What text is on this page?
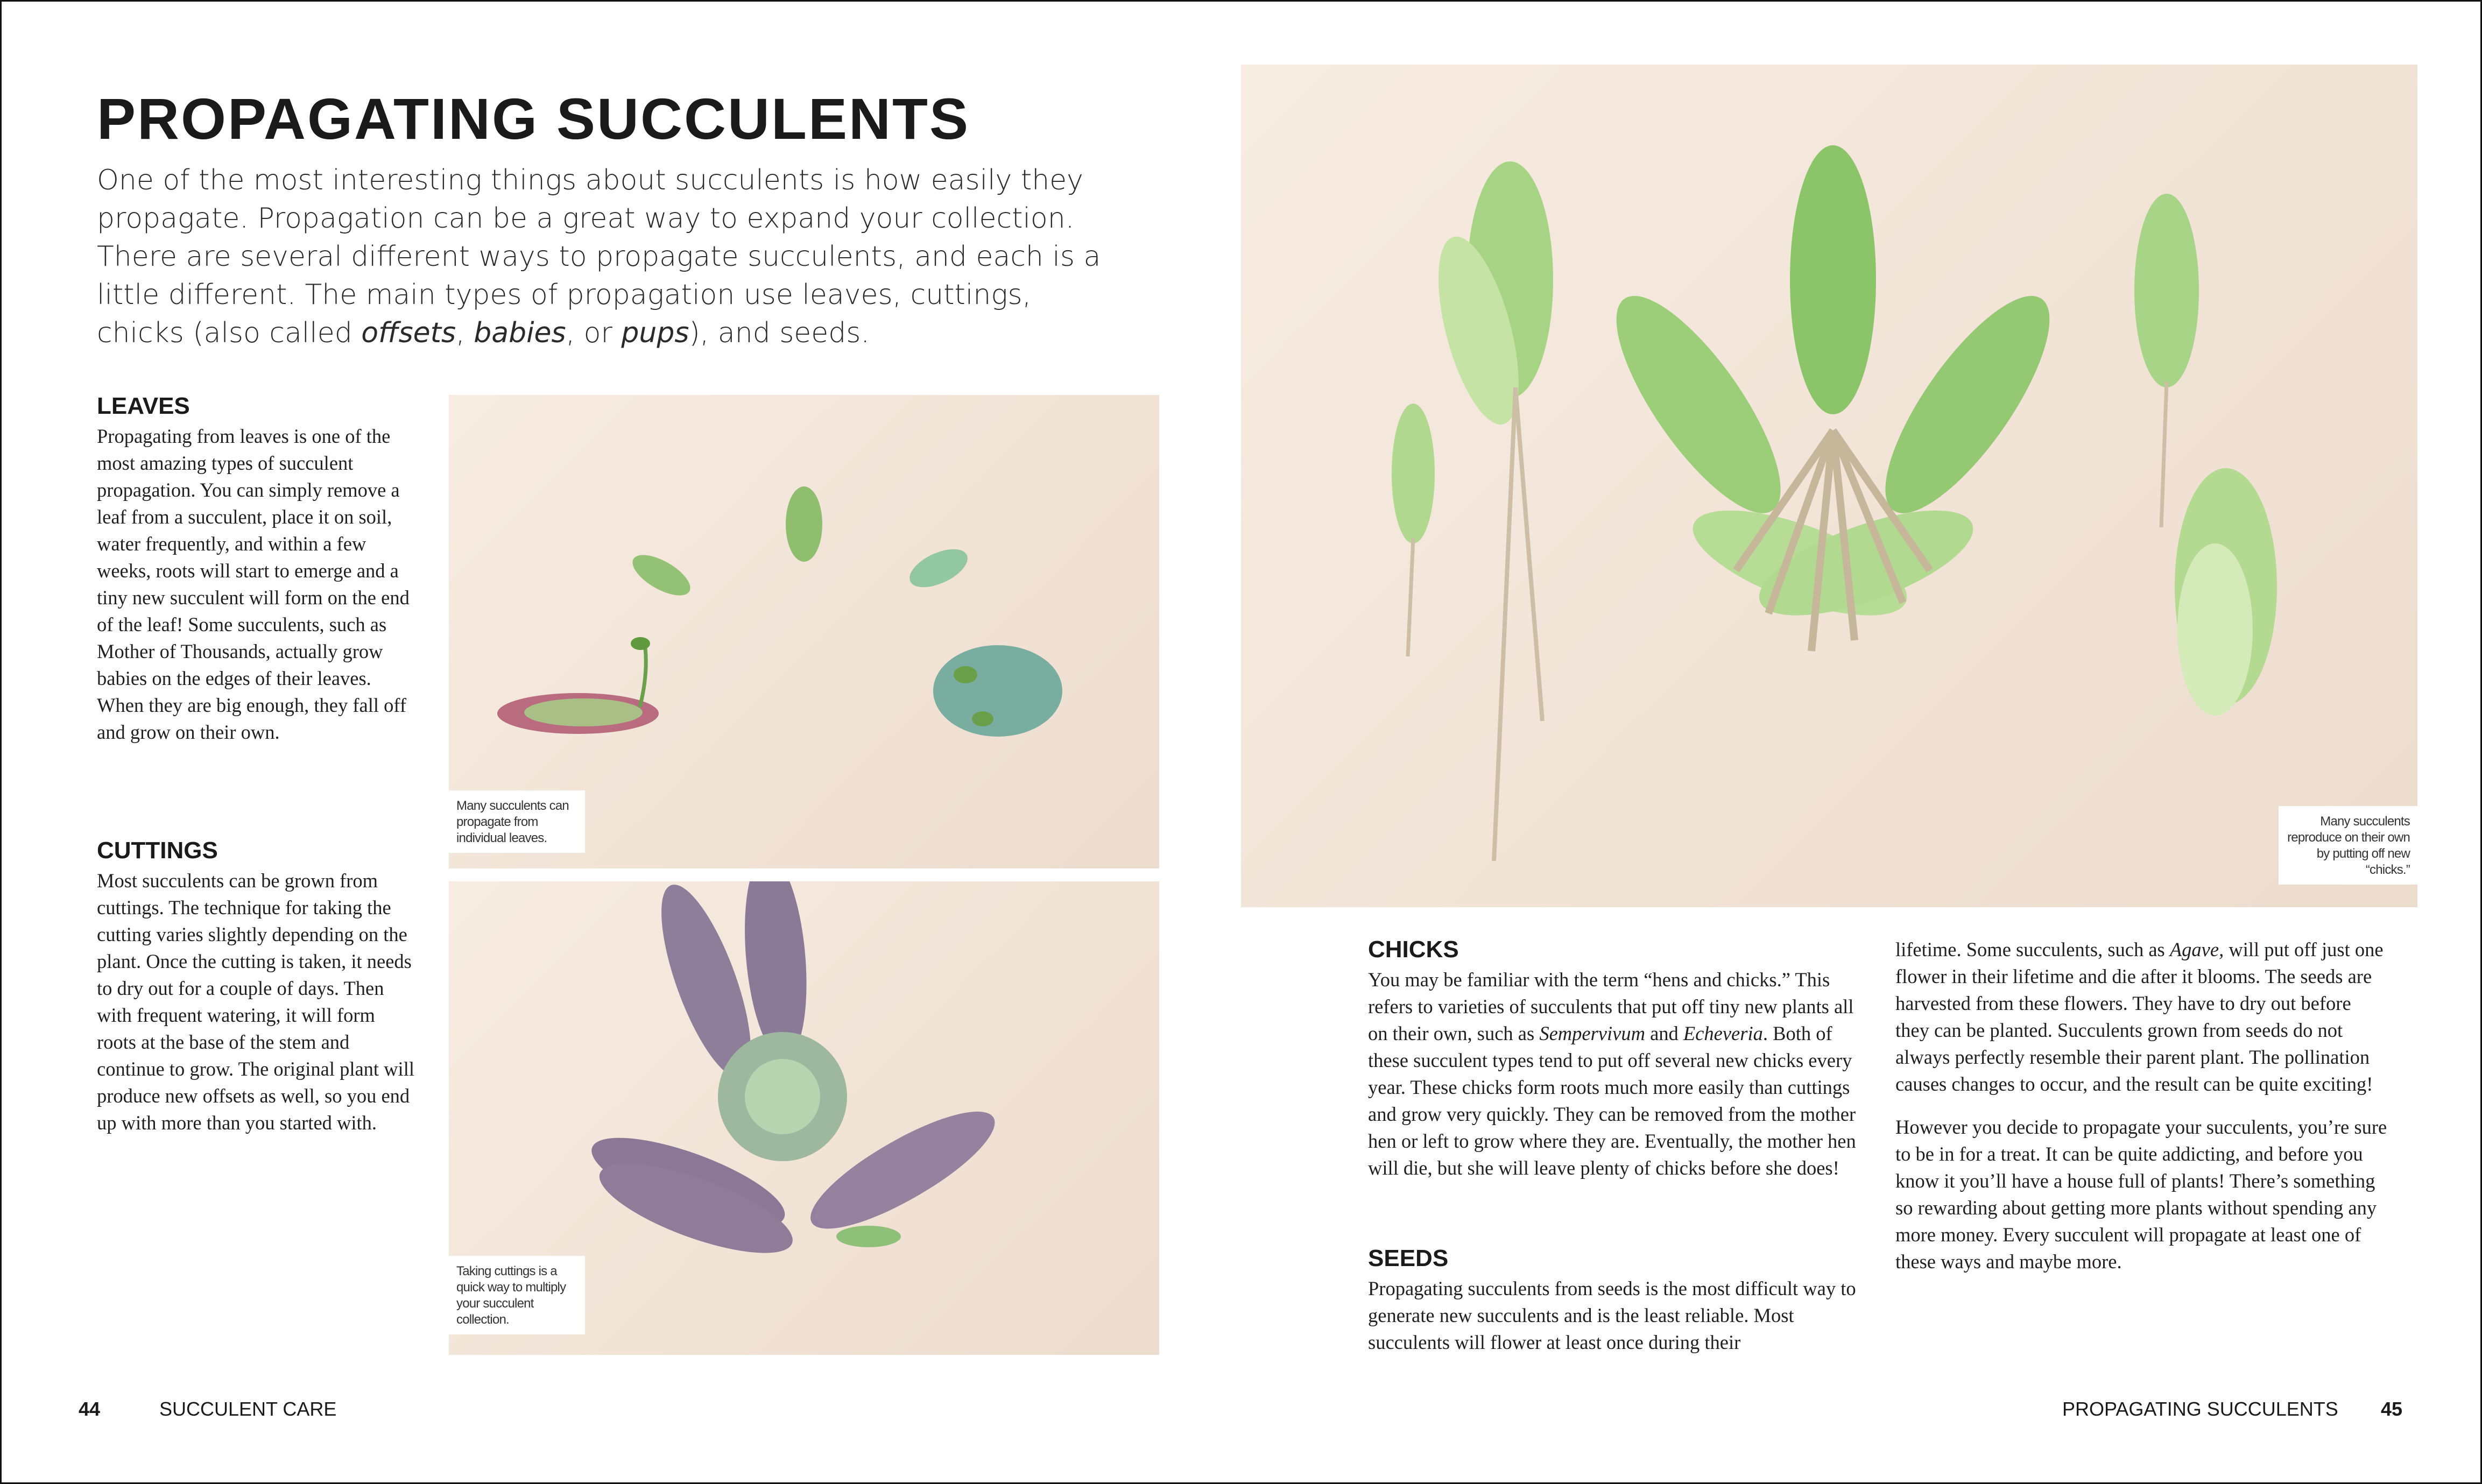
PROPAGATING SUCCULENTS

One of the most interesting things about succulents is how easily they propagate. Propagation can be a great way to expand your collection. There are several different ways to propagate succulents, and each is a little different. The main types of propagation use leaves, cuttings, chicks (also called offsets, babies, or pups), and seeds.

LEAVES

Propagating from leaves is one of the most amazing types of succulent propagation. You can simply remove a leaf from a succulent, place it on soil, water frequently, and within a few weeks, roots will start to emerge and a tiny new succulent will form on the end of the leaf! Some succulents, such as Mother of Thousands, actually grow babies on the edges of their leaves. When they are big enough, they fall off and grow on their own.

CUTTINGS

Most succulents can be grown from cuttings. The technique for taking the cutting varies slightly depending on the plant. Once the cutting is taken, it needs to dry out for a couple of days. Then with frequent watering, it will form roots at the base of the stem and continue to grow. The original plant will produce new offsets as well, so you end up with more than you started with.

Many succulents can propagate from individual leaves.
Taking cuttings is a quick way to multiply your succulent collection.
Many succulents reproduce on their own by putting off new “chicks.”
CHICKS

You may be familiar with the term “hens and chicks.” This refers to varieties of succulents that put off tiny new plants all on their own, such as Sempervivum and Echeveria. Both of these succulent types tend to put off several new chicks every year. These chicks form roots much more easily than cuttings and grow very quickly. They can be removed from the mother hen or left to grow where they are. Eventually, the mother hen will die, but she will leave plenty of chicks before she does!

SEEDS

Propagating succulents from seeds is the most difficult way to generate new succulents and is the least reliable. Most succulents will flower at least once during their

lifetime. Some succulents, such as Agave, will put off just one flower in their lifetime and die after it blooms. The seeds are harvested from these flowers. They have to dry out before they can be planted. Succulents grown from seeds do not always perfectly resemble their parent plant. The pollination causes changes to occur, and the result can be quite exciting!

However you decide to propagate your succulents, you’re sure to be in for a treat. It can be quite addicting, and before you know it you’ll have a house full of plants! There’s something so rewarding about getting more plants without spending any more money. Every succulent will propagate at least one of these ways and maybe more.

44	SUCCULENT CARE	PROPAGATING SUCCULENTS 45
